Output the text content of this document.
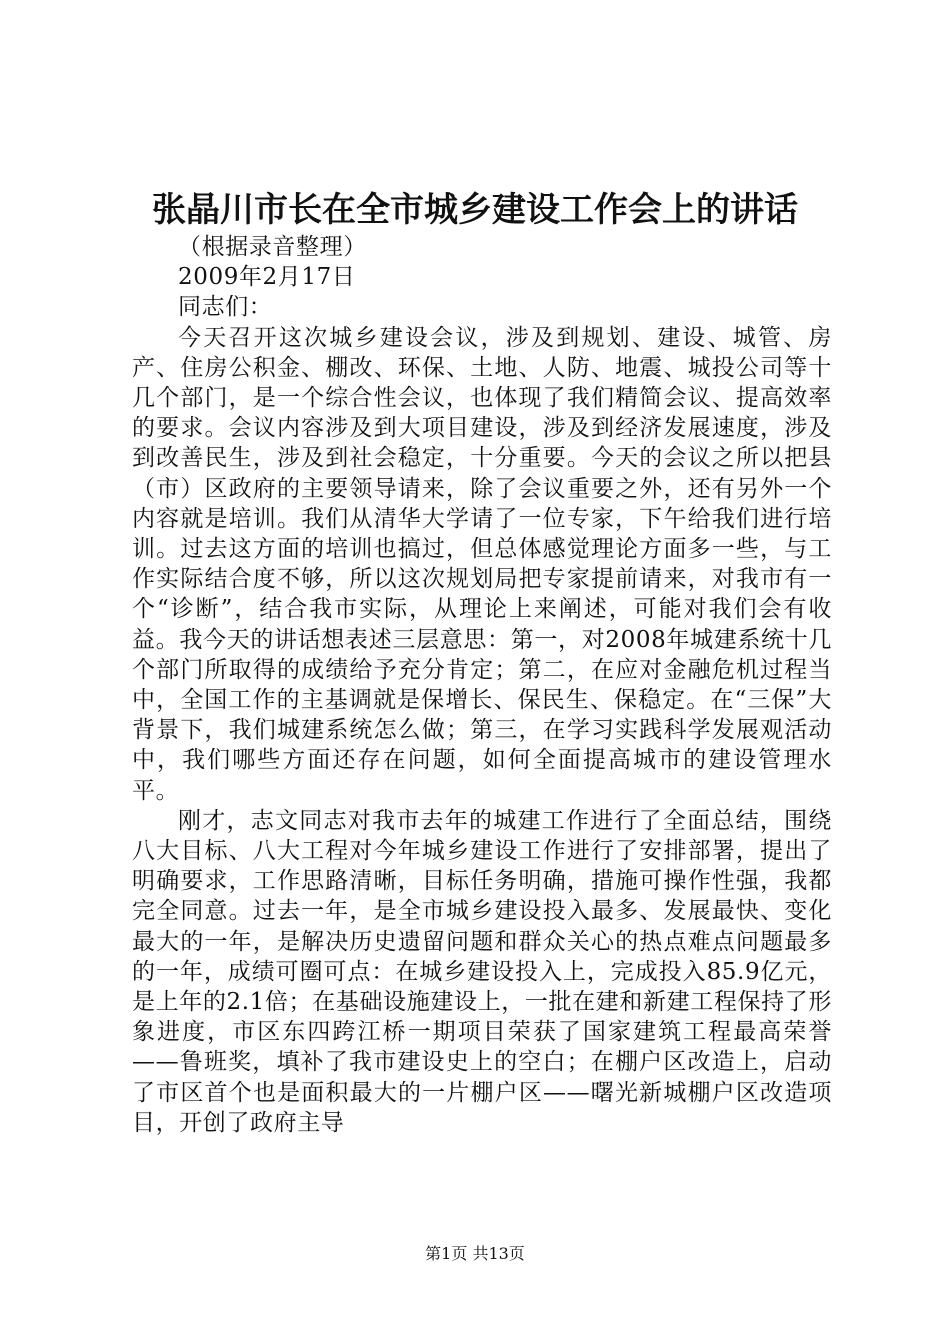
张晶川市长在全市城乡建设工作会上的讲话

（根据录音整理）

2009年2月17日

同志们：

今天召开这次城乡建设会议，涉及到规划、建设、城管、房产、住房公积金、棚改、环保、土地、人防、地震、城投公司等十几个部门，是一个综合性会议，也体现了我们精简会议、提高效率的要求。会议内容涉及到大项目建设，涉及到经济发展速度，涉及到改善民生，涉及到社会稳定，十分重要。今天的会议之所以把县（市）区政府的主要领导请来，除了会议重要之外，还有另外一个内容就是培训。我们从清华大学请了一位专家，下午给我们进行培训。过去这方面的培训也搞过，但总体感觉理论方面多一些，与工作实际结合度不够，所以这次规划局把专家提前请来，对我市有一个“诊断”，结合我市实际，从理论上来阐述，可能对我们会有收益。我今天的讲话想表述三层意思：第一，对2008年城建系统十几个部门所取得的成绩给予充分肯定；第二，在应对金融危机过程当中，全国工作的主基调就是保增长、保民生、保稳定。在“三保”大背景下，我们城建系统怎么做；第三，在学习实践科学发展观活动中，我们哪些方面还存在问题，如何全面提高城市的建设管理水平。

刚才，志文同志对我市去年的城建工作进行了全面总结，围绕八大目标、八大工程对今年城乡建设工作进行了安排部署，提出了明确要求，工作思路清晰，目标任务明确，措施可操作性强，我都完全同意。过去一年，是全市城乡建设投入最多、发展最快、变化最大的一年，是解决历史遗留问题和群众关心的热点难点问题最多的一年，成绩可圈可点：在城乡建设投入上，完成投入85.9亿元，是上年的2.1倍；在基础设施建设上，一批在建和新建工程保持了形象进度，市区东四跨江桥一期项目荣获了国家建筑工程最高荣誉——鲁班奖，填补了我市建设史上的空白；在棚户区改造上，启动了市区首个也是面积最大的一片棚户区——曙光新城棚户区改造项目，开创了政府主导

第1页 共13页
